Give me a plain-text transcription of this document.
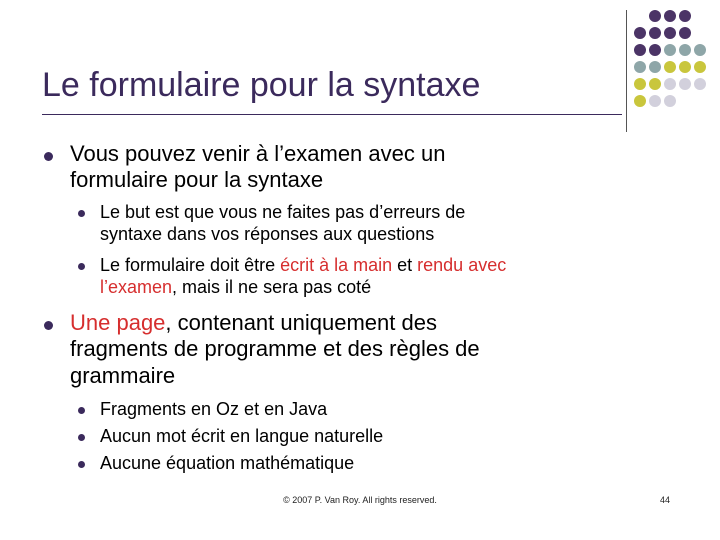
Le formulaire pour la syntaxe
Vous pouvez venir à l’examen avec un
formulaire pour la syntaxe
Le but est que vous ne faites pas d’erreurs de
syntaxe dans vos réponses aux questions
Le formulaire doit être écrit à la main et rendu avec
l’examen, mais il ne sera pas coté
Une page, contenant uniquement des
fragments de programme et des règles de
grammaire
Fragments en Oz et en Java
Aucun mot écrit en langue naturelle
Aucune équation mathématique
© 2007 P. Van Roy. All rights reserved.	44
